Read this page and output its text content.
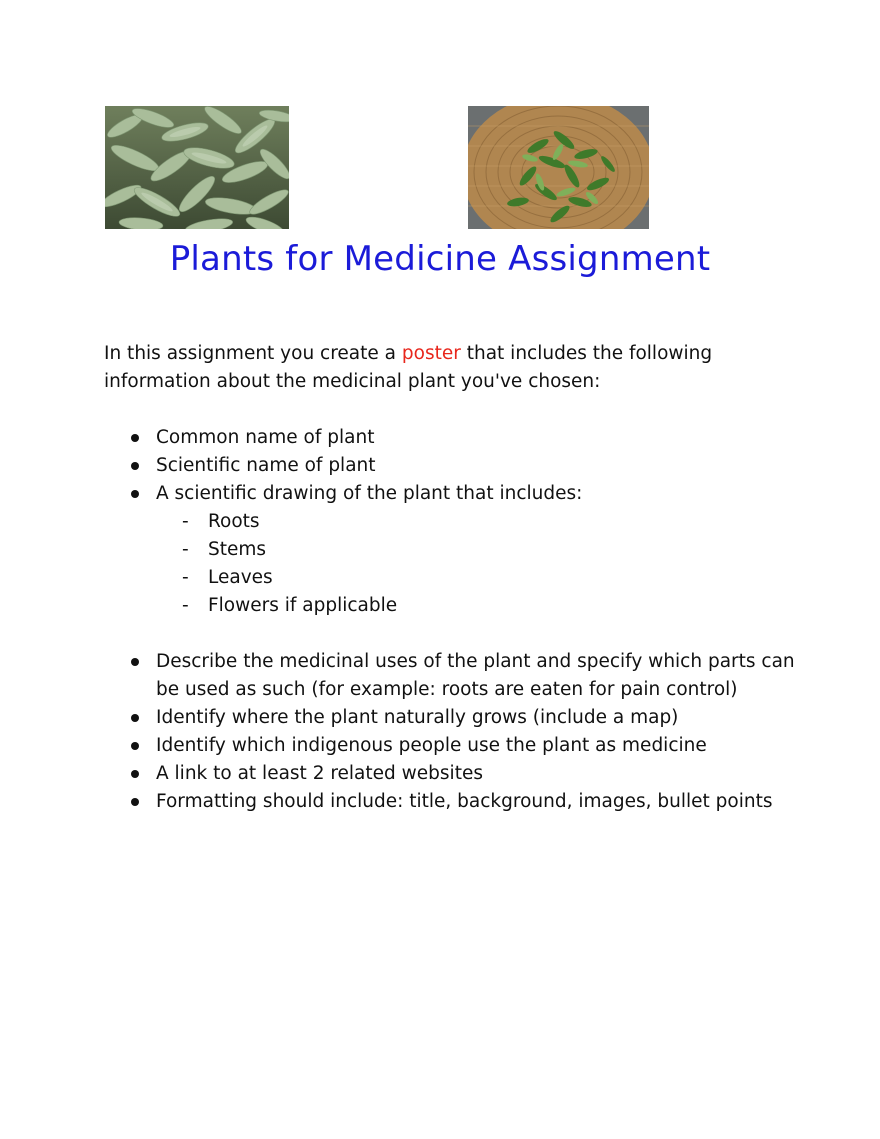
Plants for Medicine Assignment

In this assignment you create a poster that includes the following information about the medicinal plant you've chosen:

Common name of plant
Scientific name of plant
A scientific drawing of the plant that includes:
- Roots
- Stems
- Leaves
- Flowers if applicable
Describe the medicinal uses of the plant and specify which parts can be used as such (for example: roots are eaten for pain control)
Identify where the plant naturally grows (include a map)
Identify which indigenous people use the plant as medicine
A link to at least 2 related websites
Formatting should include: title, background, images, bullet points
